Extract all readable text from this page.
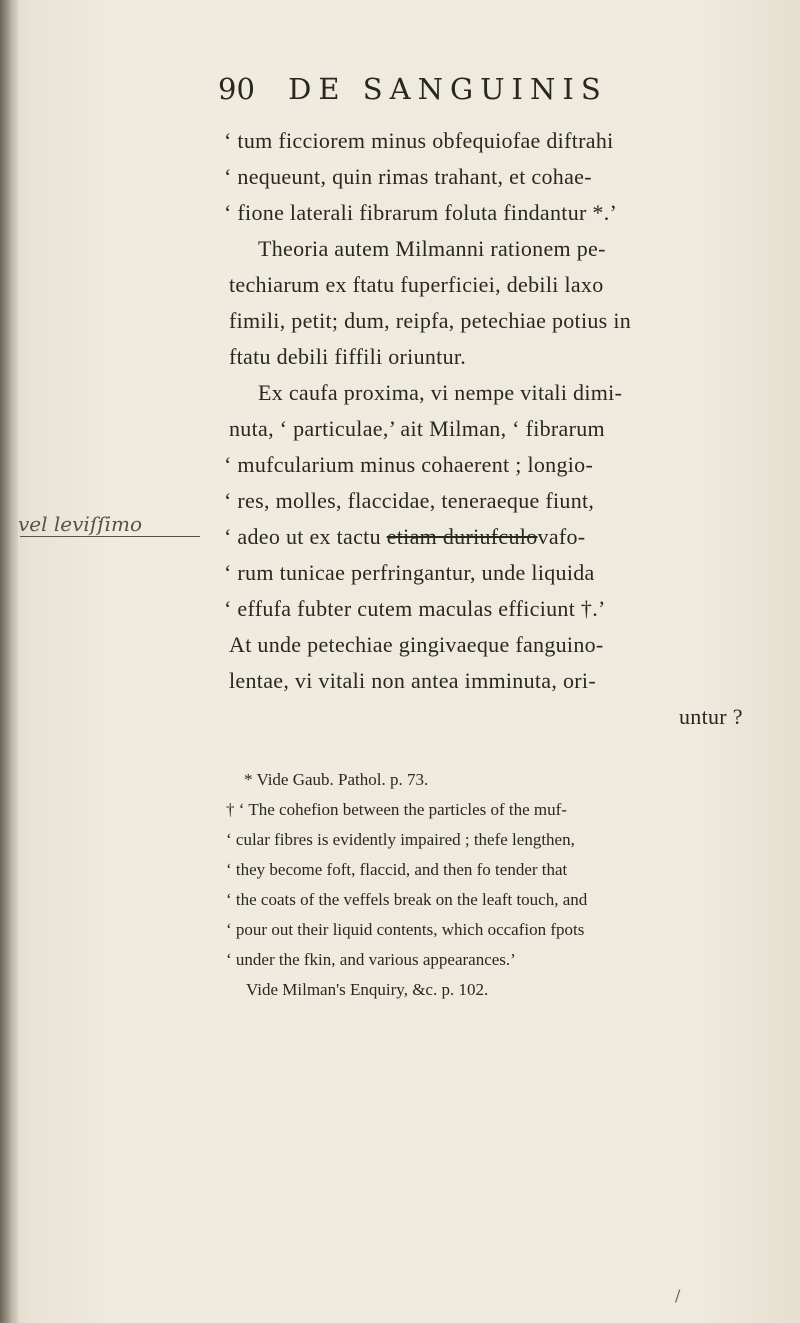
90 DE SANGUINIS
vel leviſſimo
‘ tum ficciorem minus obfequiofae diftrahi
‘ nequeunt, quin rimas trahant, et cohae-
‘ fione laterali fibrarum foluta findantur *.’
Theoria autem Milmanni rationem pe-
techiarum ex ftatu fuperficiei, debili laxo
fimili, petit; dum, reipfa, petechiae potius in
ftatu debili fiffili oriuntur.
Ex caufa proxima, vi nempe vitali dimi-
nuta, ‘ particulae,’ ait Milman, ‘ fibrarum
‘ mufcularium minus cohaerent ; longio-
‘ res, molles, flaccidae, teneraeque fiunt,
‘ adeo ut ex tactu etiam duriufculovafo-
‘ rum tunicae perfringantur, unde liquida
‘ effufa fubter cutem maculas efficiunt †.’
At unde petechiae gingivaeque fanguino-
lentae, vi vitali non antea imminuta, ori-
untur ?
* Vide Gaub. Pathol. p. 73.
† ‘ The cohefion between the particles of the muf-
‘ cular fibres is evidently impaired ; thefe lengthen,
‘ they become foft, flaccid, and then fo tender that
‘ the coats of the veffels break on the leaft touch, and
‘ pour out their liquid contents, which occafion fpots
‘ under the fkin, and various appearances.’
Vide Milman's Enquiry, &c. p. 102.
/
